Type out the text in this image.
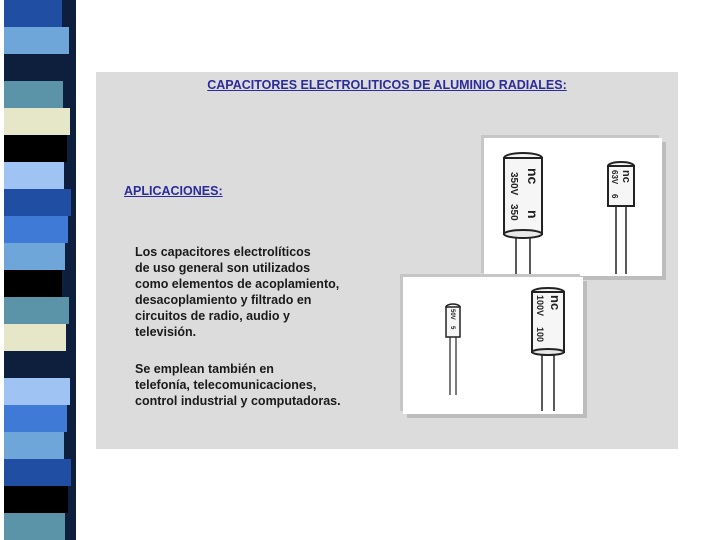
CAPACITORES ELECTROLITICOS DE ALUMINIO RADIALES:
APLICACIONES:

Los capacitores electrolíticos
de uso general son utilizados
como elementos de acoplamiento,
desacoplamiento y filtrado en
circuitos de radio, audio y
televisión.

Se emplean también en
telefonía, telecomunicaciones,
control industrial y computadoras.

350V
350
nc
n
63V
6
nc
50V
5
100V
100
nc
